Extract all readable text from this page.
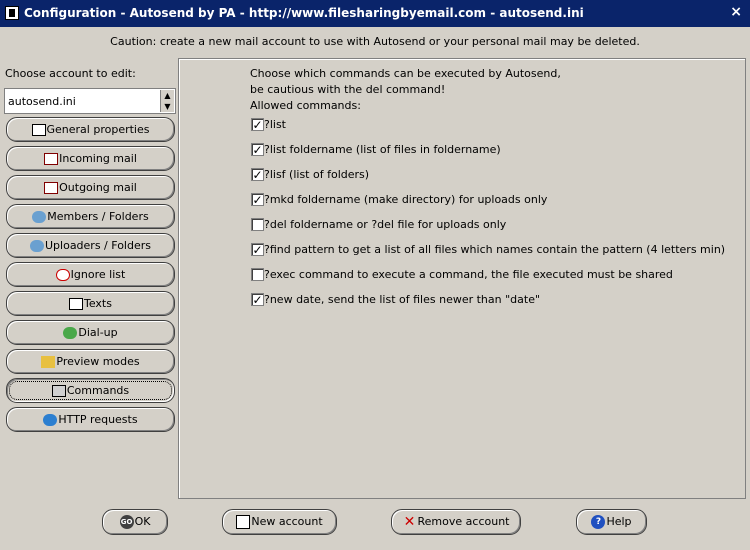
Configuration - Autosend by PA - http://www.filesharingbyemail.com - autosend.ini	×
Caution: create a new mail account to use with Autosend or your personal mail may be deleted.
Choose account to edit:
autosend.ini	▲
▼
General properties
Incoming mail
Outgoing mail
Members / Folders
Uploaders / Folders
Ignore list
Texts
Dial-up
Preview modes
Commands
HTTP requests
Choose which commands can be executed by Autosend,
be cautious with the del command!
Allowed commands:
✓ ?list
✓ ?list foldername (list of files in foldername)
✓ ?lisf (list of folders)
✓ ?mkd foldername (make directory) for uploads only
?del foldername or ?del file for uploads only
✓ ?find pattern to get a list of all files which names contain the pattern (4 letters min)
?exec command to execute a command, the file executed must be shared
✓ ?new date, send the list of files newer than "date"
GO OK	New account	✕ Remove account	? Help
